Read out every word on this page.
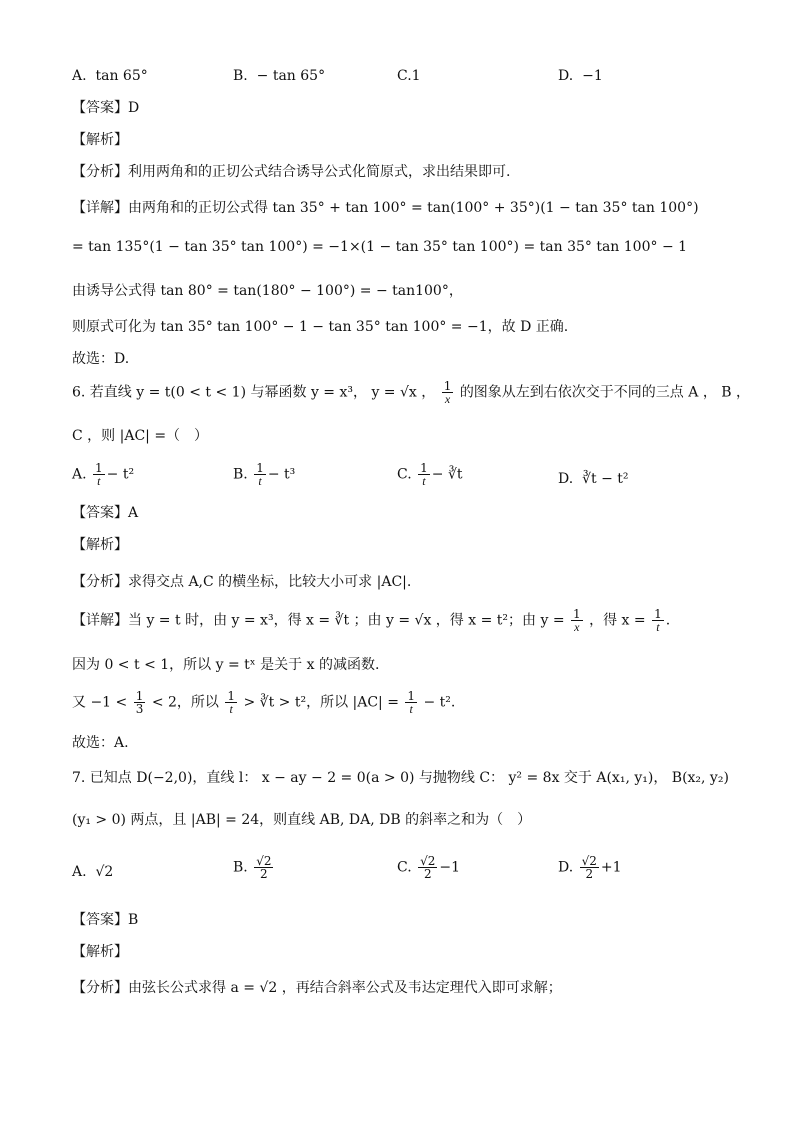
A. tan 65°	B. − tan 65°	C.1	D. −1
【答案】D
【解析】
【分析】利用两角和的正切公式结合诱导公式化简原式，求出结果即可.
【详解】由两角和的正切公式得 tan 35° + tan 100° = tan(100° + 35°)(1 − tan 35° tan 100°)
= tan 135°(1 − tan 35° tan 100°) = −1×(1 − tan 35° tan 100°) = tan 35° tan 100° − 1
由诱导公式得 tan 80° = tan(180° − 100°) = − tan100°，
则原式可化为 tan 35° tan 100° − 1 − tan 35° tan 100° = −1，故 D 正确.
故选：D.
6. 若直线 y = t(0 < t < 1) 与幂函数 y = x³， y = √x ， $\frac{1}{x}$ 的图象从左到右依次交于不同的三点 A ， B ，
C ，则 |AC| =（　）
A. $\frac{1}{t} - t^2$	B. $\frac{1}{t} - t^3$	C. $\frac{1}{t}$ − ∛t	D. ∛t − t²
【答案】A
【解析】
【分析】求得交点 A,C 的横坐标，比较大小可求 |AC|.
【详解】当 y = t 时，由 y = x³，得 x = ∛t ；由 y = √x ，得 x = t²；由 $y = \frac{1}{x}$ ，得 $x = \frac{1}{t}$ .
因为 0 < t < 1，所以 y = tˣ 是关于 x 的减函数.
又 $-1 < \frac{1}{3} < 2$，所以 $\frac{1}{t}$ > ∛t > t²，所以 $|AC| = \frac{1}{t} - t^2$.
故选：A.
7. 已知点 D(−2,0)，直线 l： x − ay − 2 = 0(a > 0) 与抛物线 C： y² = 8x 交于 A(x₁, y₁)， B(x₂, y₂)
(y₁ > 0) 两点，且 |AB| = 24，则直线 AB, DA, DB 的斜率之和为（　）
A. √2	B. $\frac{√2}{2}$	C. $\frac{√2}{2} -1$	D. $\frac{√2}{2} +1$
【答案】B
【解析】
【分析】由弦长公式求得 a = √2 ，再结合斜率公式及韦达定理代入即可求解；
